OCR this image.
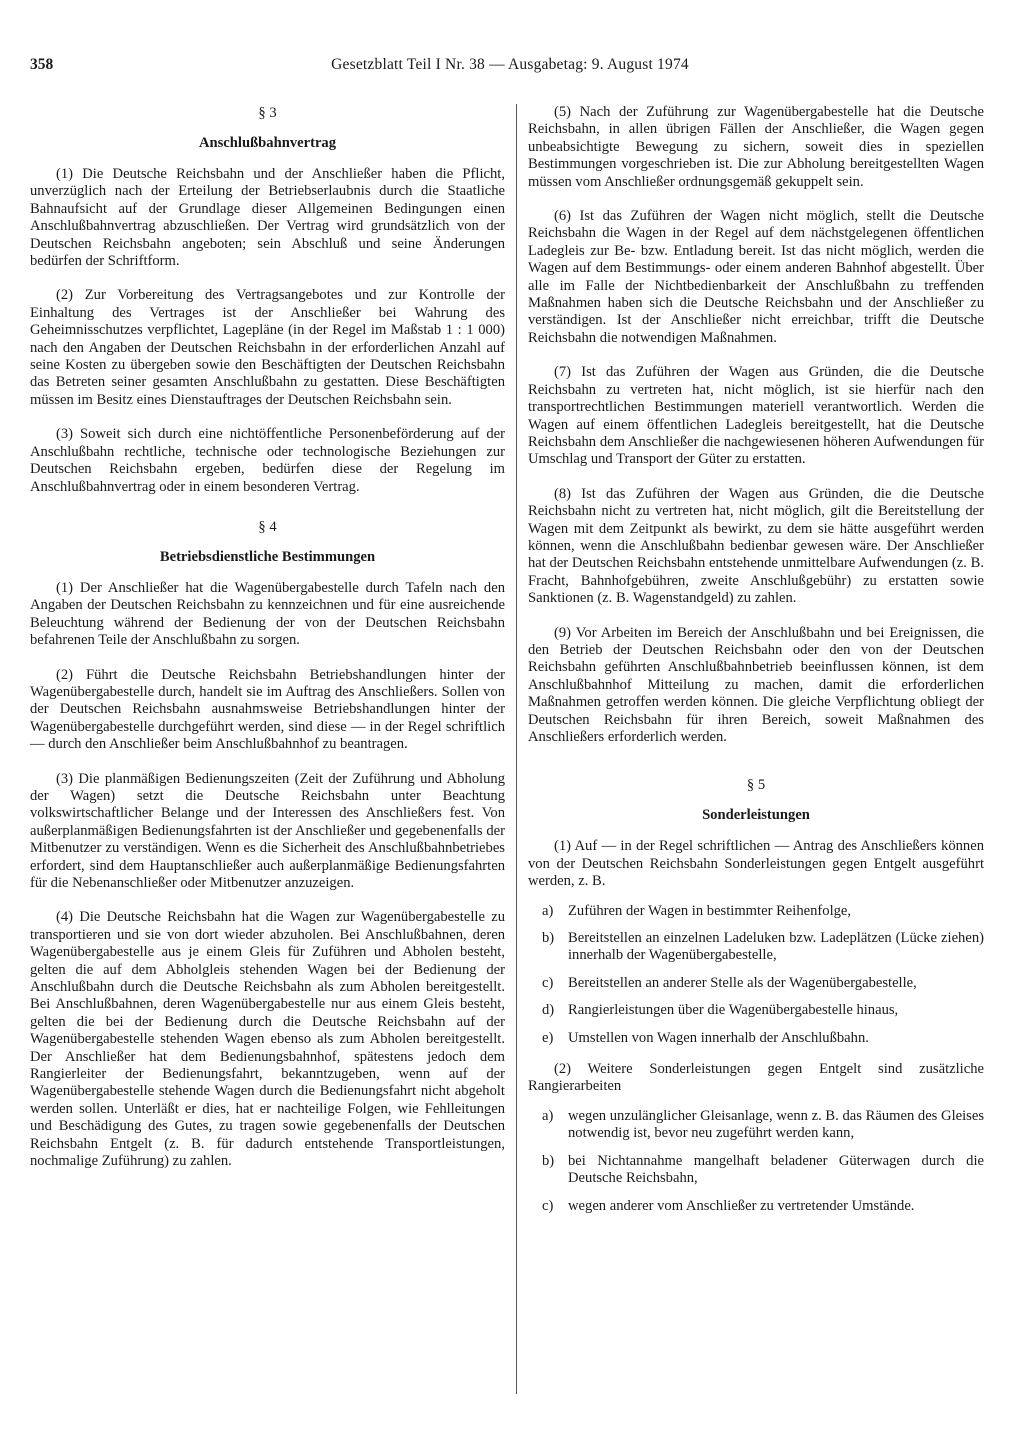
358	Gesetzblatt Teil I Nr. 38 — Ausgabetag: 9. August 1974
§ 3
Anschlußbahnvertrag

(1) Die Deutsche Reichsbahn und der Anschließer haben die Pflicht, unverzüglich nach der Erteilung der Betriebserlaubnis durch die Staatliche Bahnaufsicht auf der Grundlage dieser Allgemeinen Bedingungen einen Anschlußbahnvertrag abzuschließen. Der Vertrag wird grundsätzlich von der Deutschen Reichsbahn angeboten; sein Abschluß und seine Änderungen bedürfen der Schriftform.

(2) Zur Vorbereitung des Vertragsangebotes und zur Kontrolle der Einhaltung des Vertrages ist der Anschließer bei Wahrung des Geheimnisschutzes verpflichtet, Lagepläne (in der Regel im Maßstab 1 : 1 000) nach den Angaben der Deutschen Reichsbahn in der erforderlichen Anzahl auf seine Kosten zu übergeben sowie den Beschäftigten der Deutschen Reichsbahn das Betreten seiner gesamten Anschlußbahn zu gestatten. Diese Beschäftigten müssen im Besitz eines Dienstauftrages der Deutschen Reichsbahn sein.

(3) Soweit sich durch eine nichtöffentliche Personenbeförderung auf der Anschlußbahn rechtliche, technische oder technologische Beziehungen zur Deutschen Reichsbahn ergeben, bedürfen diese der Regelung im Anschlußbahnvertrag oder in einem besonderen Vertrag.

§ 4
Betriebsdienstliche Bestimmungen

(1) Der Anschließer hat die Wagenübergabestelle durch Tafeln nach den Angaben der Deutschen Reichsbahn zu kennzeichnen und für eine ausreichende Beleuchtung während der Bedienung der von der Deutschen Reichsbahn befahrenen Teile der Anschlußbahn zu sorgen.

(2) Führt die Deutsche Reichsbahn Betriebshandlungen hinter der Wagenübergabestelle durch, handelt sie im Auftrag des Anschließers. Sollen von der Deutschen Reichsbahn ausnahmsweise Betriebshandlungen hinter der Wagenübergabestelle durchgeführt werden, sind diese — in der Regel schriftlich — durch den Anschließer beim Anschlußbahnhof zu beantragen.

(3) Die planmäßigen Bedienungszeiten (Zeit der Zuführung und Abholung der Wagen) setzt die Deutsche Reichsbahn unter Beachtung volkswirtschaftlicher Belange und der Interessen des Anschließers fest. Von außerplanmäßigen Bedienungsfahrten ist der Anschließer und gegebenenfalls der Mitbenutzer zu verständigen. Wenn es die Sicherheit des Anschlußbahnbetriebes erfordert, sind dem Hauptanschließer auch außerplanmäßige Bedienungsfahrten für die Nebenanschließer oder Mitbenutzer anzuzeigen.

(4) Die Deutsche Reichsbahn hat die Wagen zur Wagenübergabestelle zu transportieren und sie von dort wieder abzuholen. Bei Anschlußbahnen, deren Wagenübergabestelle aus je einem Gleis für Zuführen und Abholen besteht, gelten die auf dem Abholgleis stehenden Wagen bei der Bedienung der Anschlußbahn durch die Deutsche Reichsbahn als zum Abholen bereitgestellt. Bei Anschlußbahnen, deren Wagenübergabestelle nur aus einem Gleis besteht, gelten die bei der Bedienung durch die Deutsche Reichsbahn auf der Wagenübergabestelle stehenden Wagen ebenso als zum Abholen bereitgestellt. Der Anschließer hat dem Bedienungsbahnhof, spätestens jedoch dem Rangierleiter der Bedienungsfahrt, bekanntzugeben, wenn auf der Wagenübergabestelle stehende Wagen durch die Bedienungsfahrt nicht abgeholt werden sollen. Unterläßt er dies, hat er nachteilige Folgen, wie Fehlleitungen und Beschädigung des Gutes, zu tragen sowie gegebenenfalls der Deutschen Reichsbahn Entgelt (z. B. für dadurch entstehende Transportleistungen, nochmalige Zuführung) zu zahlen.

(5) Nach der Zuführung zur Wagenübergabestelle hat die Deutsche Reichsbahn, in allen übrigen Fällen der Anschließer, die Wagen gegen unbeabsichtigte Bewegung zu sichern, soweit dies in speziellen Bestimmungen vorgeschrieben ist. Die zur Abholung bereitgestellten Wagen müssen vom Anschließer ordnungsgemäß gekuppelt sein.

(6) Ist das Zuführen der Wagen nicht möglich, stellt die Deutsche Reichsbahn die Wagen in der Regel auf dem nächstgelegenen öffentlichen Ladegleis zur Be- bzw. Entladung bereit. Ist das nicht möglich, werden die Wagen auf dem Bestimmungs- oder einem anderen Bahnhof abgestellt. Über alle im Falle der Nichtbedienbarkeit der Anschlußbahn zu treffenden Maßnahmen haben sich die Deutsche Reichsbahn und der Anschließer zu verständigen. Ist der Anschließer nicht erreichbar, trifft die Deutsche Reichsbahn die notwendigen Maßnahmen.

(7) Ist das Zuführen der Wagen aus Gründen, die die Deutsche Reichsbahn zu vertreten hat, nicht möglich, ist sie hierfür nach den transportrechtlichen Bestimmungen materiell verantwortlich. Werden die Wagen auf einem öffentlichen Ladegleis bereitgestellt, hat die Deutsche Reichsbahn dem Anschließer die nachgewiesenen höheren Aufwendungen für Umschlag und Transport der Güter zu erstatten.

(8) Ist das Zuführen der Wagen aus Gründen, die die Deutsche Reichsbahn nicht zu vertreten hat, nicht möglich, gilt die Bereitstellung der Wagen mit dem Zeitpunkt als bewirkt, zu dem sie hätte ausgeführt werden können, wenn die Anschlußbahn bedienbar gewesen wäre. Der Anschließer hat der Deutschen Reichsbahn entstehende unmittelbare Aufwendungen (z. B. Fracht, Bahnhofgebühren, zweite Anschlußgebühr) zu erstatten sowie Sanktionen (z. B. Wagenstandgeld) zu zahlen.

(9) Vor Arbeiten im Bereich der Anschlußbahn und bei Ereignissen, die den Betrieb der Deutschen Reichsbahn oder den von der Deutschen Reichsbahn geführten Anschlußbahnbetrieb beeinflussen können, ist dem Anschlußbahnhof Mitteilung zu machen, damit die erforderlichen Maßnahmen getroffen werden können. Die gleiche Verpflichtung obliegt der Deutschen Reichsbahn für ihren Bereich, soweit Maßnahmen des Anschließers erforderlich werden.

§ 5
Sonderleistungen

(1) Auf — in der Regel schriftlichen — Antrag des Anschließers können von der Deutschen Reichsbahn Sonderleistungen gegen Entgelt ausgeführt werden, z. B.

a)	Zuführen der Wagen in bestimmter Reihenfolge,
b) Bereitstellen an einzelnen Ladeluken bzw. Ladeplätzen (Lücke ziehen) innerhalb der Wagenübergabestelle,
c)	Bereitstellen an anderer Stelle als der Wagenübergabestelle,
d) Rangierleistungen über die Wagenübergabestelle hinaus,
e)	Umstellen von Wagen innerhalb der Anschlußbahn.

(2) Weitere Sonderleistungen gegen Entgelt sind zusätzliche Rangierarbeiten

a)	wegen unzulänglicher Gleisanlage, wenn z. B. das Räumen des Gleises notwendig ist, bevor neu zugeführt werden kann,
b) bei Nichtannahme mangelhaft beladener Güterwagen durch die Deutsche Reichsbahn,
c)	wegen anderer vom Anschließer zu vertretender Umstände.
